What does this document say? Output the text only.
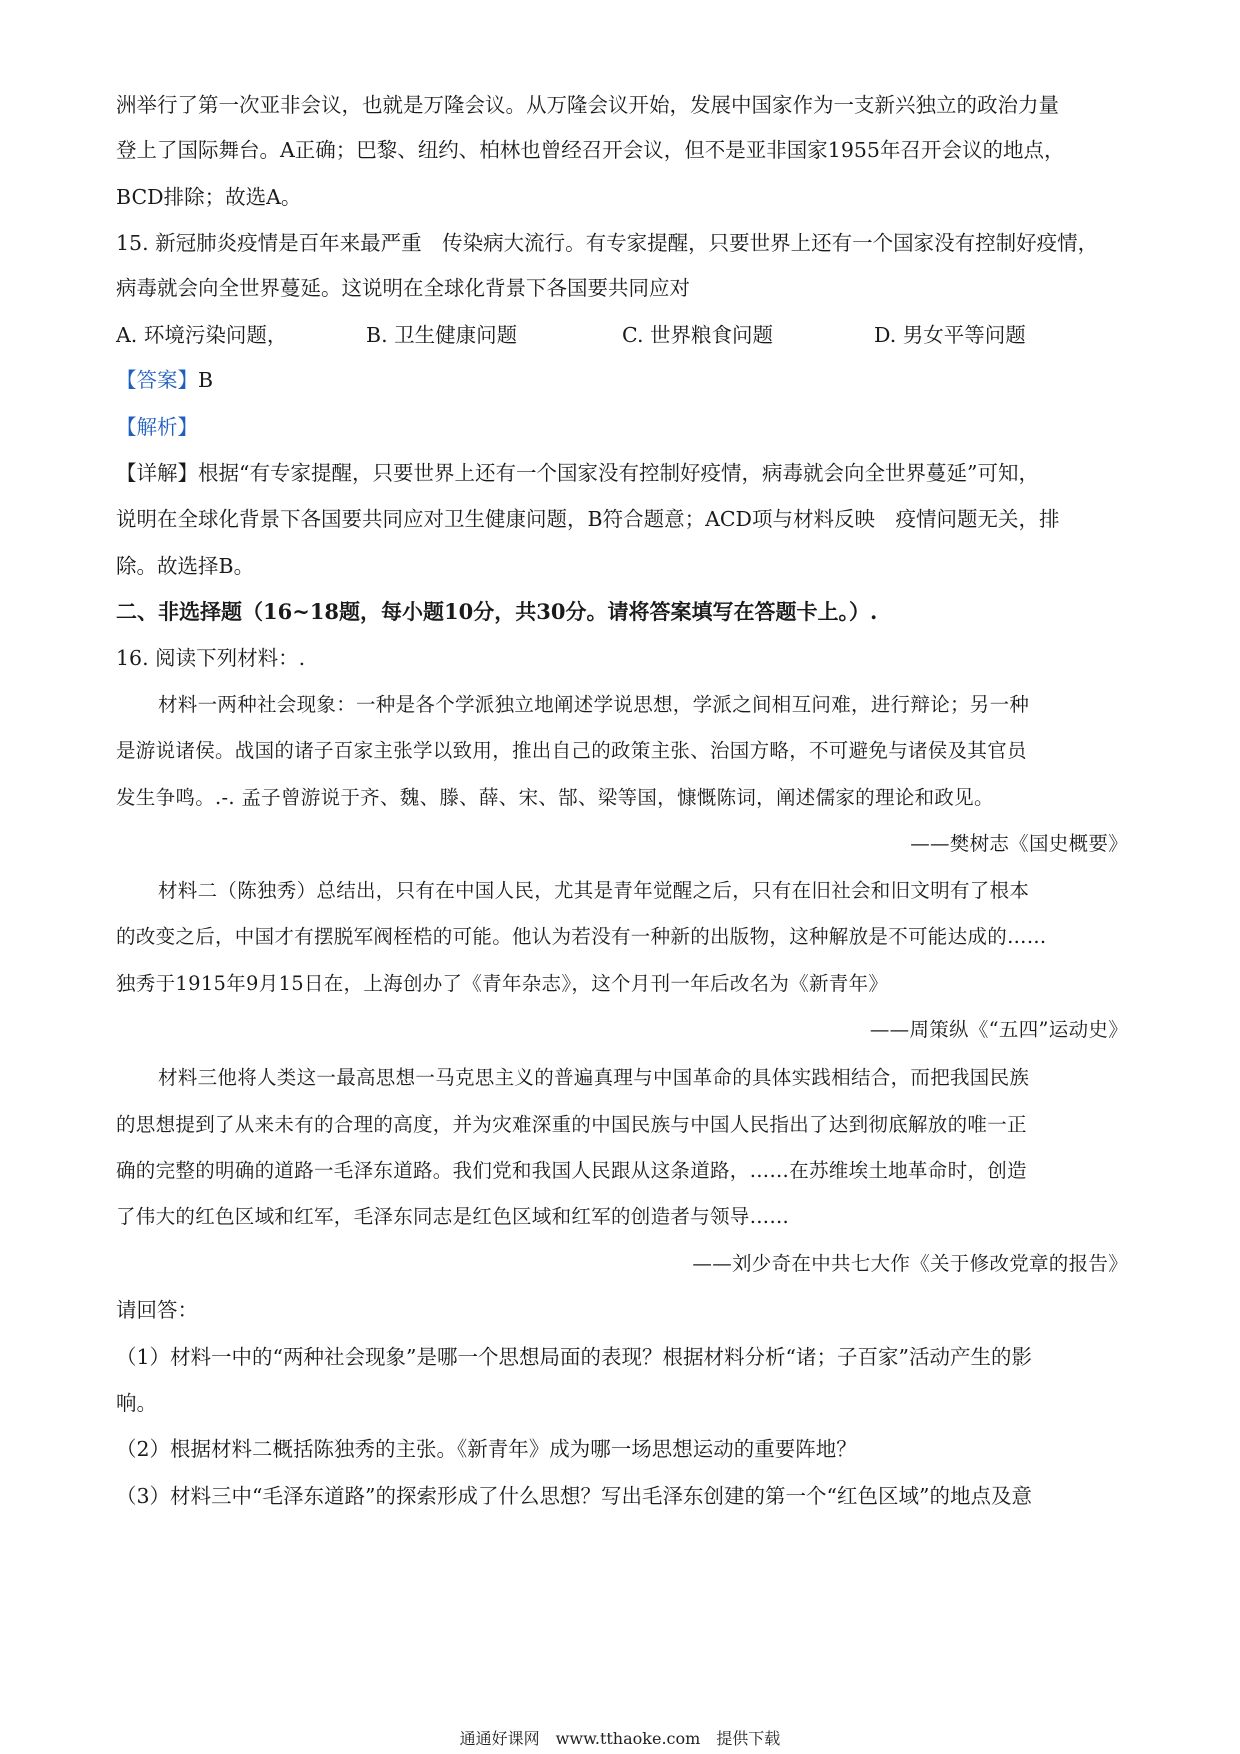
洲举行了第一次亚非会议，也就是万隆会议。从万隆会议开始，发展中国家作为一支新兴独立的政治力量
登上了国际舞台。A正确；巴黎、纽约、柏林也曾经召开会议，但不是亚非国家1955年召开会议的地点，
BCD排除；故选A。
15. 新冠肺炎疫情是百年来最严重　传染病大流行。有专家提醒，只要世界上还有一个国家没有控制好疫情，
病毒就会向全世界蔓延。这说明在全球化背景下各国要共同应对
A. 环境污染问题，	B. 卫生健康问题	C. 世界粮食问题	D. 男女平等问题
【答案】B
【解析】
【详解】根据“有专家提醒，只要世界上还有一个国家没有控制好疫情，病毒就会向全世界蔓延”可知，
说明在全球化背景下各国要共同应对卫生健康问题，B符合题意；ACD项与材料反映　疫情问题无关，排
除。故选择B。
二、非选择题（16~18题，每小题10分，共30分。请将答案填写在答题卡上。）.
16. 阅读下列材料：.
材料一两种社会现象：一种是各个学派独立地阐述学说思想，学派之间相互问难，进行辩论；另一种
是游说诸侯。战国的诸子百家主张学以致用，推出自己的政策主张、治国方略，不可避免与诸侯及其官员
发生争鸣。.-. 孟子曾游说于齐、魏、滕、薛、宋、郜、梁等国，慷慨陈词，阐述儒家的理论和政见。
——樊树志《国史概要》
材料二（陈独秀）总结出，只有在中国人民，尤其是青年觉醒之后，只有在旧社会和旧文明有了根本
的改变之后，中国才有摆脱军阀桎梏的可能。他认为若没有一种新的出版物，这种解放是不可能达成的……
独秀于1915年9月15日在，上海创办了《青年杂志》，这个月刊一年后改名为《新青年》
——周策纵《“五四”运动史》
材料三他将人类这一最高思想一马克思主义的普遍真理与中国革命的具体实践相结合，而把我国民族
的思想提到了从来未有的合理的高度，并为灾难深重的中国民族与中国人民指出了达到彻底解放的唯一正
确的完整的明确的道路一毛泽东道路。我们党和我国人民跟从这条道路，……在苏维埃土地革命时，创造
了伟大的红色区域和红军，毛泽东同志是红色区域和红军的创造者与领导……
——刘少奇在中共七大作《关于修改党章的报告》
请回答：
（1）材料一中的“两种社会现象”是哪一个思想局面的表现？根据材料分析“诸；子百家”活动产生的影
响。
（2）根据材料二概括陈独秀的主张。《新青年》成为哪一场思想运动的重要阵地？
（3）材料三中“毛泽东道路”的探索形成了什么思想？写出毛泽东创建的第一个“红色区域”的地点及意
通通好课网　www.tthaoke.com　提供下载
